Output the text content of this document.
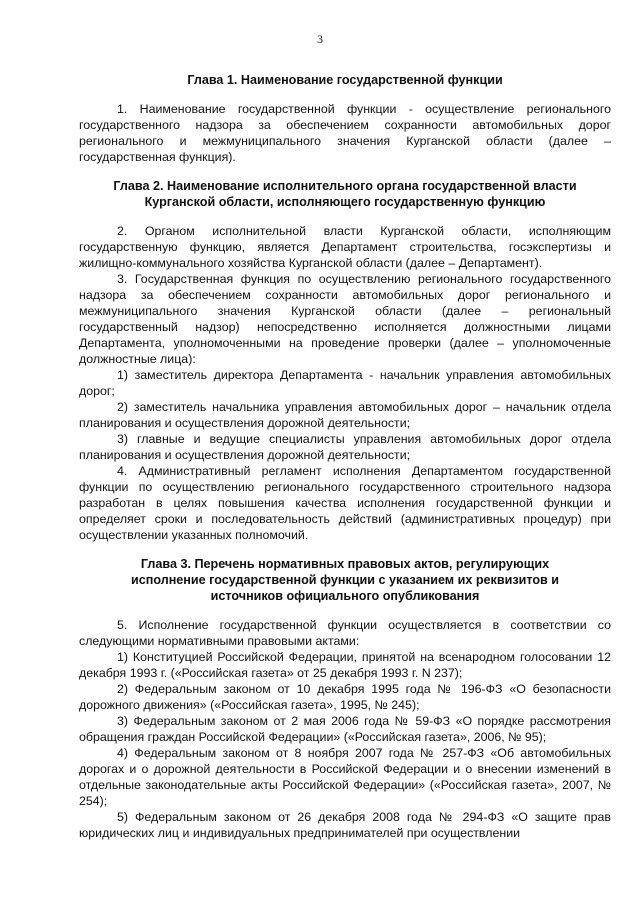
3
Глава 1. Наименование государственной функции

1. Наименование государственной функции - осуществление регионального государственного надзора за обеспечением сохранности автомобильных дорог регионального и межмуниципального значения Курганской области (далее – государственная функция).

Глава 2. Наименование исполнительного органа государственной власти
Курганской области, исполняющего государственную функцию

2. Органом исполнительной власти Курганской области, исполняющим государственную функцию, является Департамент строительства, госэкспертизы и жилищно-коммунального хозяйства Курганской области (далее – Департамент).

3. Государственная функция по осуществлению регионального государственного надзора за обеспечением сохранности автомобильных дорог регионального и межмуниципального значения Курганской области (далее – региональный государственный надзор) непосредственно исполняется должностными лицами Департамента, уполномоченными на проведение проверки (далее – уполномоченные должностные лица):

1) заместитель директора Департамента - начальник управления автомобильных дорог;

2) заместитель начальника управления автомобильных дорог – начальник отдела планирования и осуществления дорожной деятельности;

3) главные и ведущие специалисты управления автомобильных дорог отдела планирования и осуществления дорожной деятельности;

4. Административный регламент исполнения Департаментом государственной функции по осуществлению регионального государственного строительного надзора разработан в целях повышения качества исполнения государственной функции и определяет сроки и последовательность действий (административных процедур) при осуществлении указанных полномочий.

Глава 3. Перечень нормативных правовых актов, регулирующих
исполнение государственной функции с указанием их реквизитов и
источников официального опубликования

5. Исполнение государственной функции осуществляется в соответствии со следующими нормативными правовыми актами:

1) Конституцией Российской Федерации, принятой на всенародном голосовании 12 декабря 1993 г. («Российская газета» от 25 декабря 1993 г. N 237);

2) Федеральным законом от 10 декабря 1995 года № 196-ФЗ «О безопасности дорожного движения» («Российская газета», 1995, № 245);

3) Федеральным законом от 2 мая 2006 года № 59-ФЗ «О порядке рассмотрения обращения граждан Российской Федерации» («Российская газета», 2006, № 95);

4) Федеральным законом от 8 ноября 2007 года № 257-ФЗ «Об автомобильных дорогах и о дорожной деятельности в Российской Федерации и о внесении изменений в отдельные законодательные акты Российской Федерации» («Российская газета», 2007, № 254);

5) Федеральным законом от 26 декабря 2008 года № 294-ФЗ «О защите прав юридических лиц и индивидуальных предпринимателей при осуществлении
